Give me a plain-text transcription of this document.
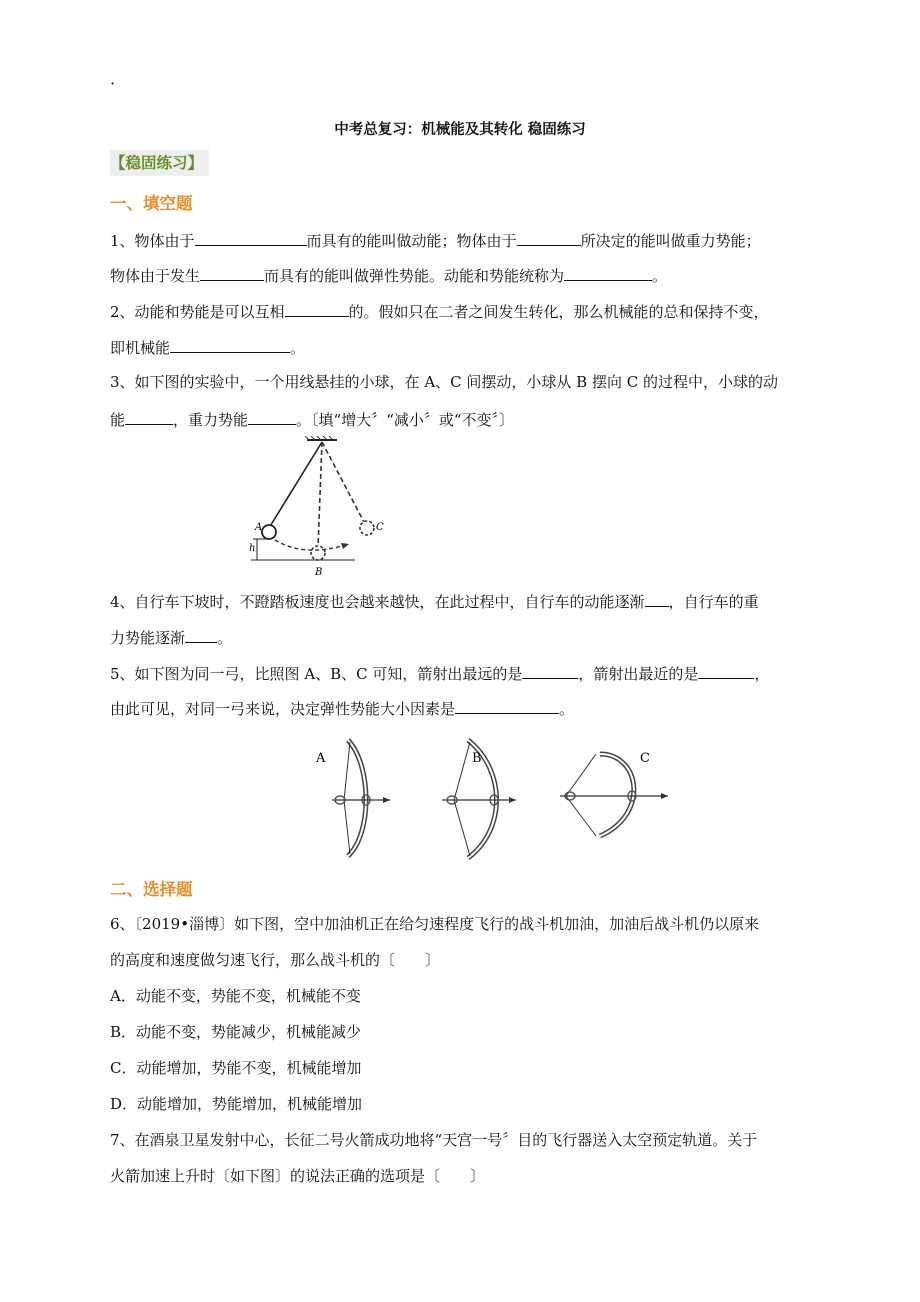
·
中考总复习：机械能及其转化 稳固练习
【稳固练习】
一、填空题
1、物体由于	而具有的能叫做动能；物体由于	所决定的能叫做重力势能；
物体由于发生	而具有的能叫做弹性势能。动能和势能统称为	。
2、动能和势能是可以互相	的。假如只在二者之间发生转化，那么机械能的总和保持不变，
即机械能	。
3、如下图的实验中，一个用线悬挂的小球，在 A、C 间摆动，小球从 B 摆向 C 的过程中，小球的动
能	，重力势能	。〔填“增大〞“减小〞或“不变〞〕
h
A
B
C
4、自行车下坡时，不蹬踏板速度也会越来越快，在此过程中，自行车的动能逐渐 ，自行车的重
力势能逐渐 。
5、如下图为同一弓，比照图 A、B、C 可知，箭射出最远的是	，箭射出最近的是	，
由此可见，对同一弓来说，决定弹性势能大小因素是	。
A	B	C
二、选择题
6、〔2019•淄博〕如下图，空中加油机正在给匀速程度飞行的战斗机加油，加油后战斗机仍以原来
的高度和速度做匀速飞行，那么战斗机的〔　　〕
A．动能不变，势能不变，机械能不变
B．动能不变，势能减少，机械能减少
C．动能增加，势能不变，机械能增加
D．动能增加，势能增加，机械能增加
7、在酒泉卫星发射中心，长征二号火箭成功地将“天宫一号〞目的飞行器送入太空预定轨道。关于
火箭加速上升时〔如下图〕的说法正确的选项是〔　　〕
